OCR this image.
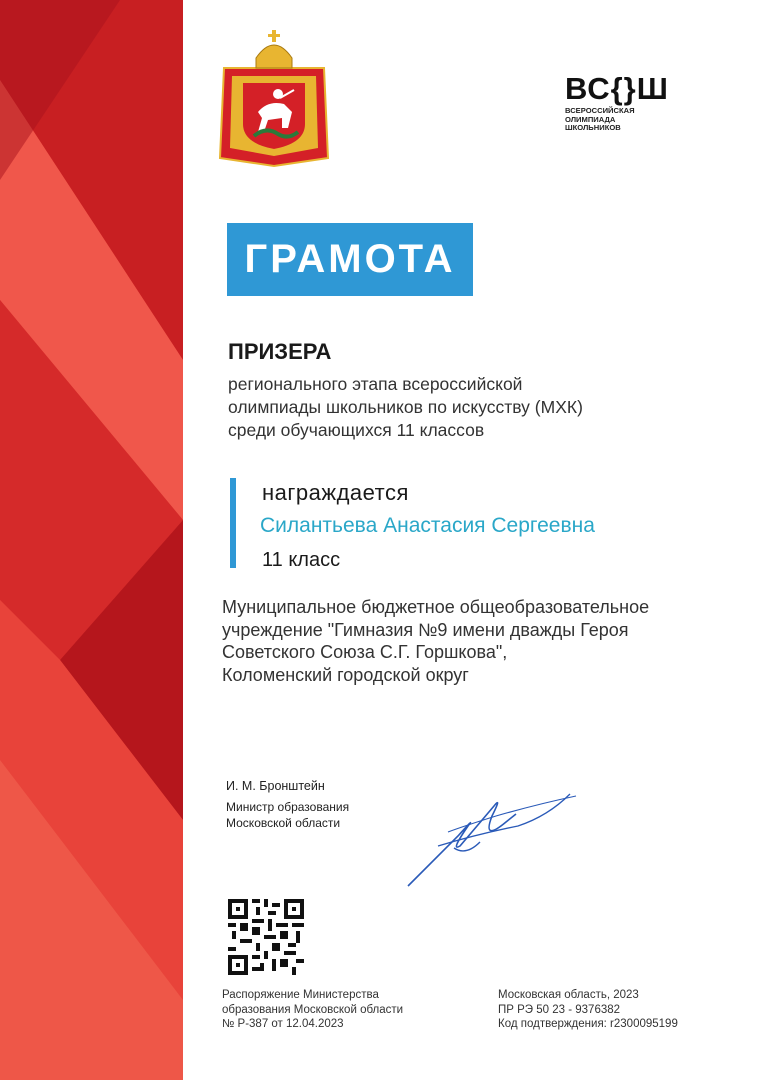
ВС{}Ш
ВСЕРОССИЙСКАЯ
ОЛИМПИАДА
ШКОЛЬНИКОВ
ГРАМОТА
ПРИЗЕРА
регионального этапа всероссийской
олимпиады школьников по искусству (МХК)
среди обучающихся 11 классов
награждается
Силантьева Анастасия Сергеевна
11 класс
Муниципальное бюджетное общеобразовательное
учреждение "Гимназия №9 имени дважды Героя
Советского Союза С.Г. Горшкова",
Коломенский городской округ
И. М. Бронштейн
Министр образования
Московской области
Распоряжение Министерства
образования Московской области
№ Р-387 от 12.04.2023
Московская область, 2023
ПР РЭ 50 23 - 9376382
Код подтверждения: r2300095199
